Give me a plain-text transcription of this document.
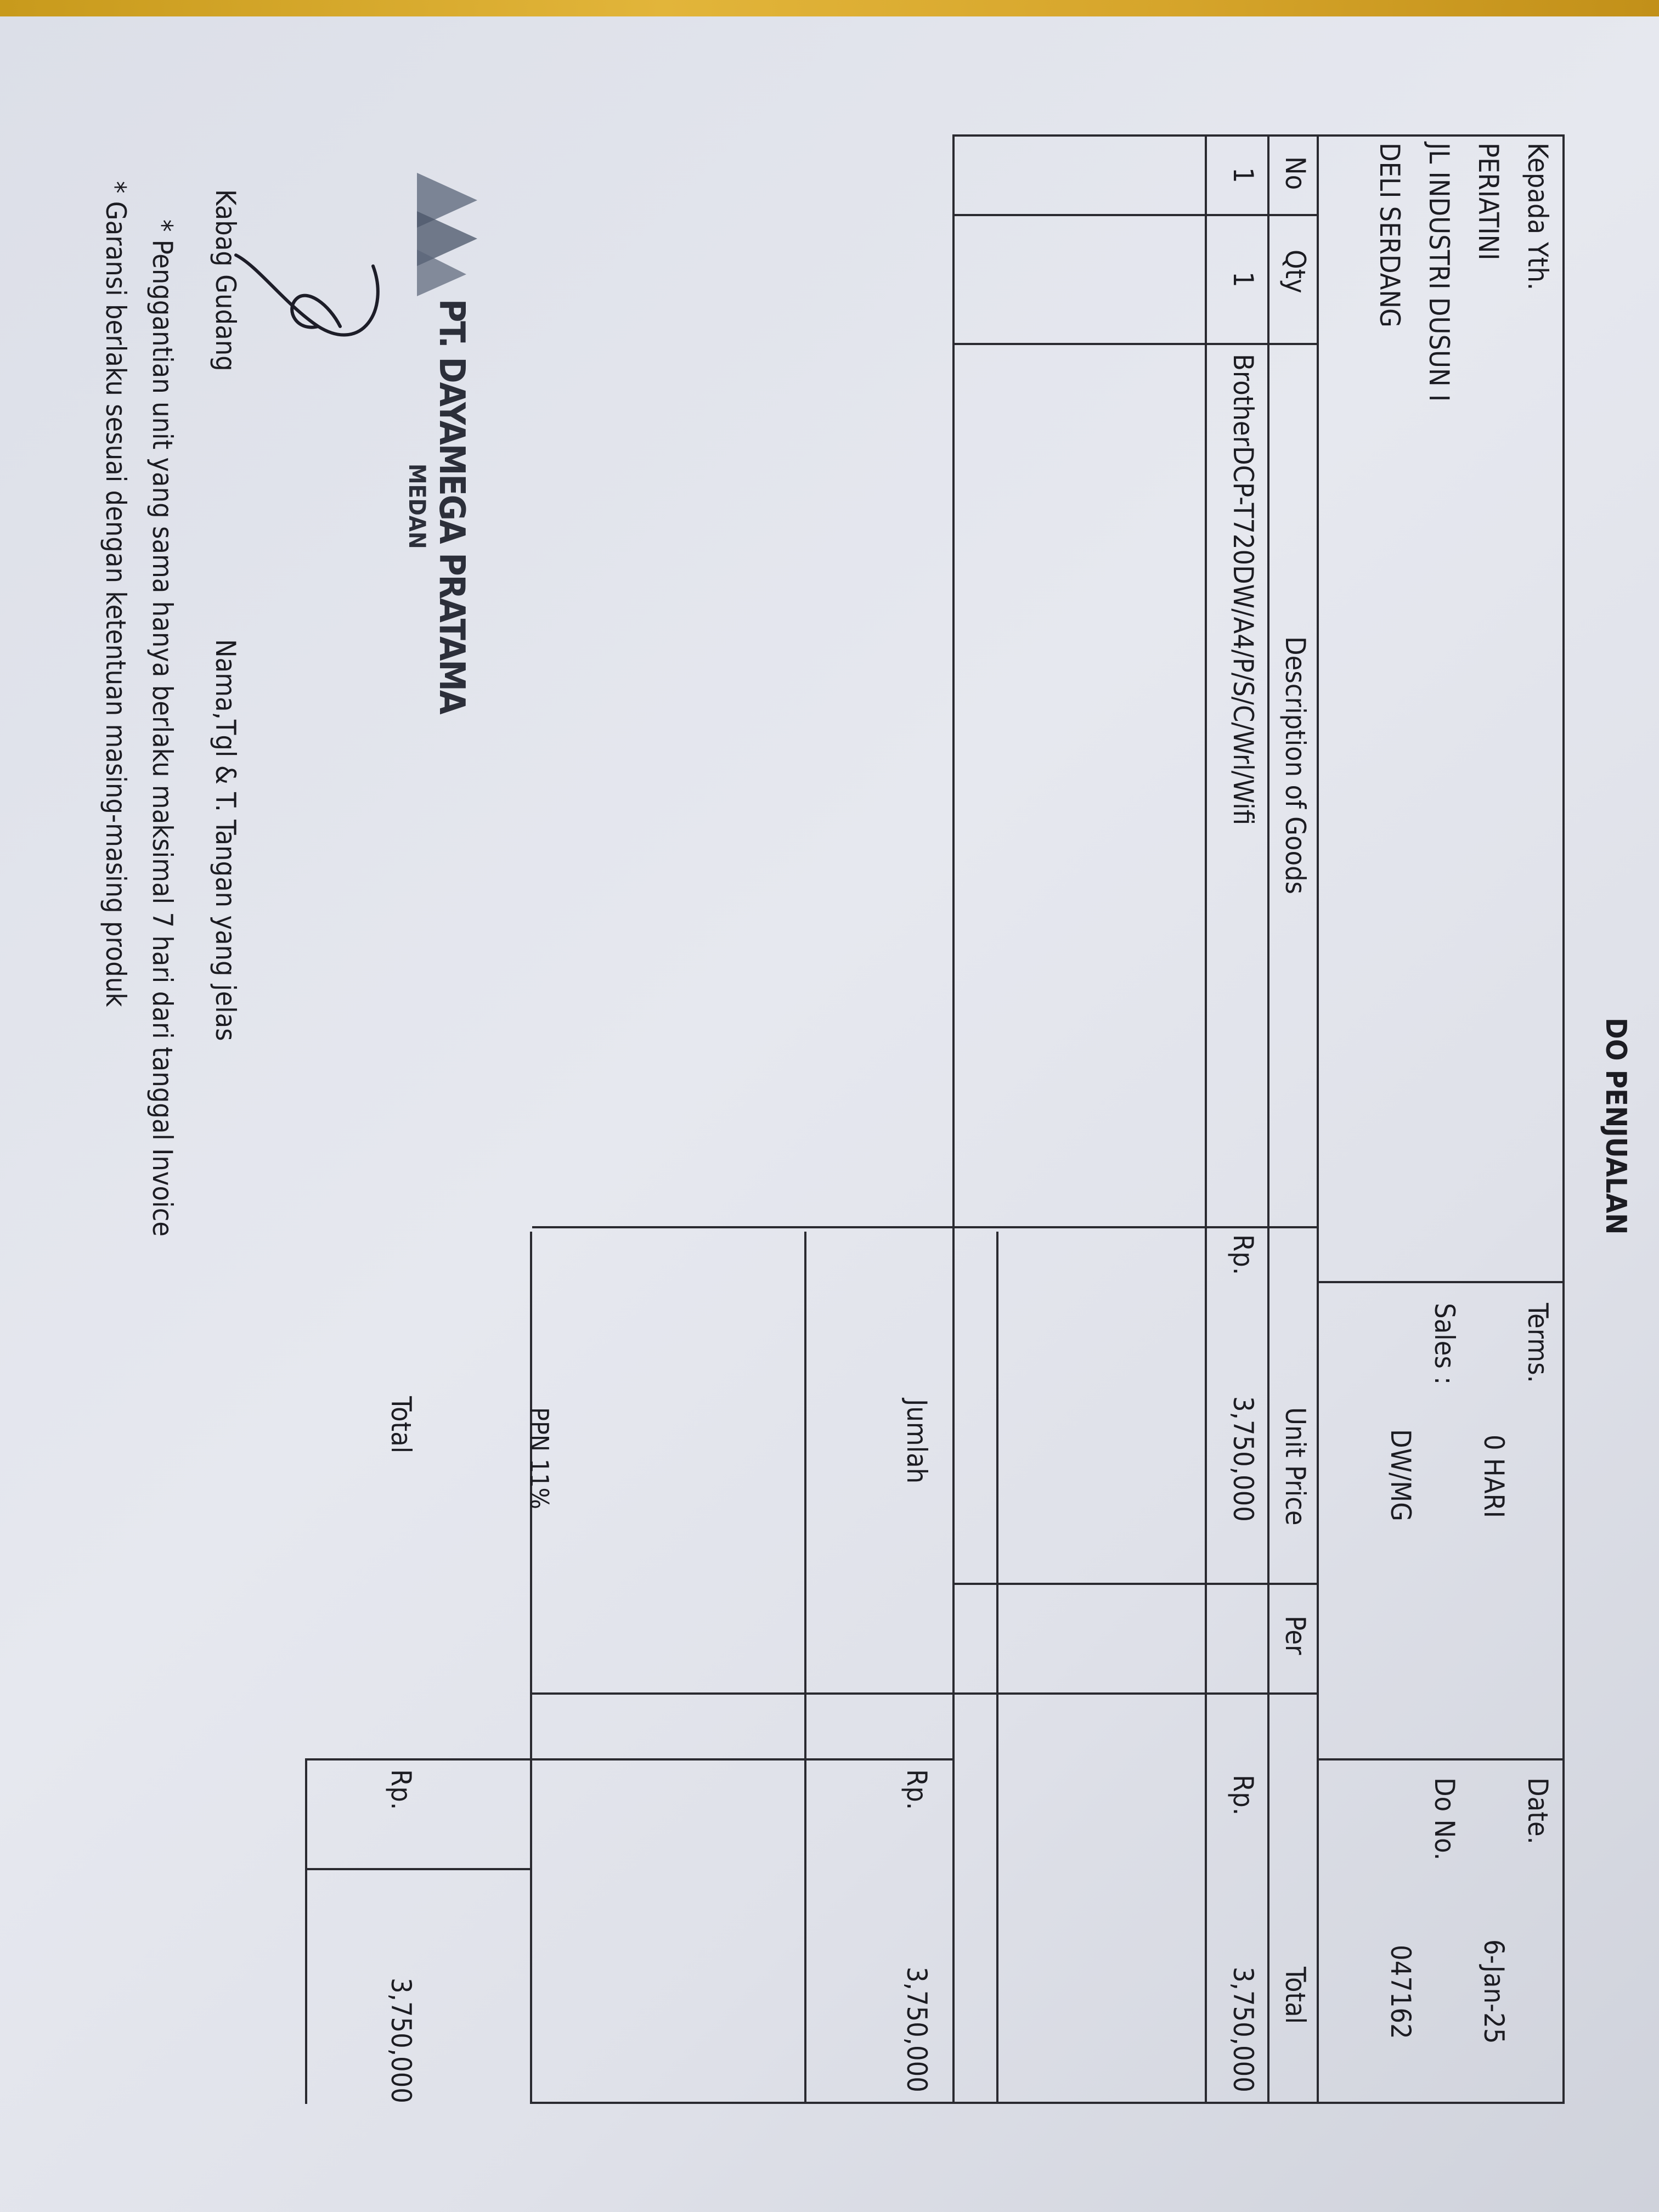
DO PENJUALAN
Kepada Yth.
PERIATINI
JL INDUSTRI DUSUN I
DELI SERDANG
Terms.
0 HARI
Sales :
DW/MG
Date.
6-Jan-25
Do No.
047162
No
Qty
Description of Goods
Unit Price
Per
Total
1
1
BrotherDCP-T720DW/A4/P/S/C/Wrl/Wifi
Rp.
3,750,000
Rp.
3,750,000
Jumlah
Rp.
3,750,000
PPN 11%
Total
Rp.
3,750,000
PT. DAYAMEGA PRATAMA
MEDAN
Kabag Gudang
Nama,Tgl & T. Tangan yang jelas
* Penggantian unit yang sama hanya berlaku maksimal 7 hari dari tanggal Invoice
* Garansi berlaku sesuai dengan ketentuan masing-masing produk
